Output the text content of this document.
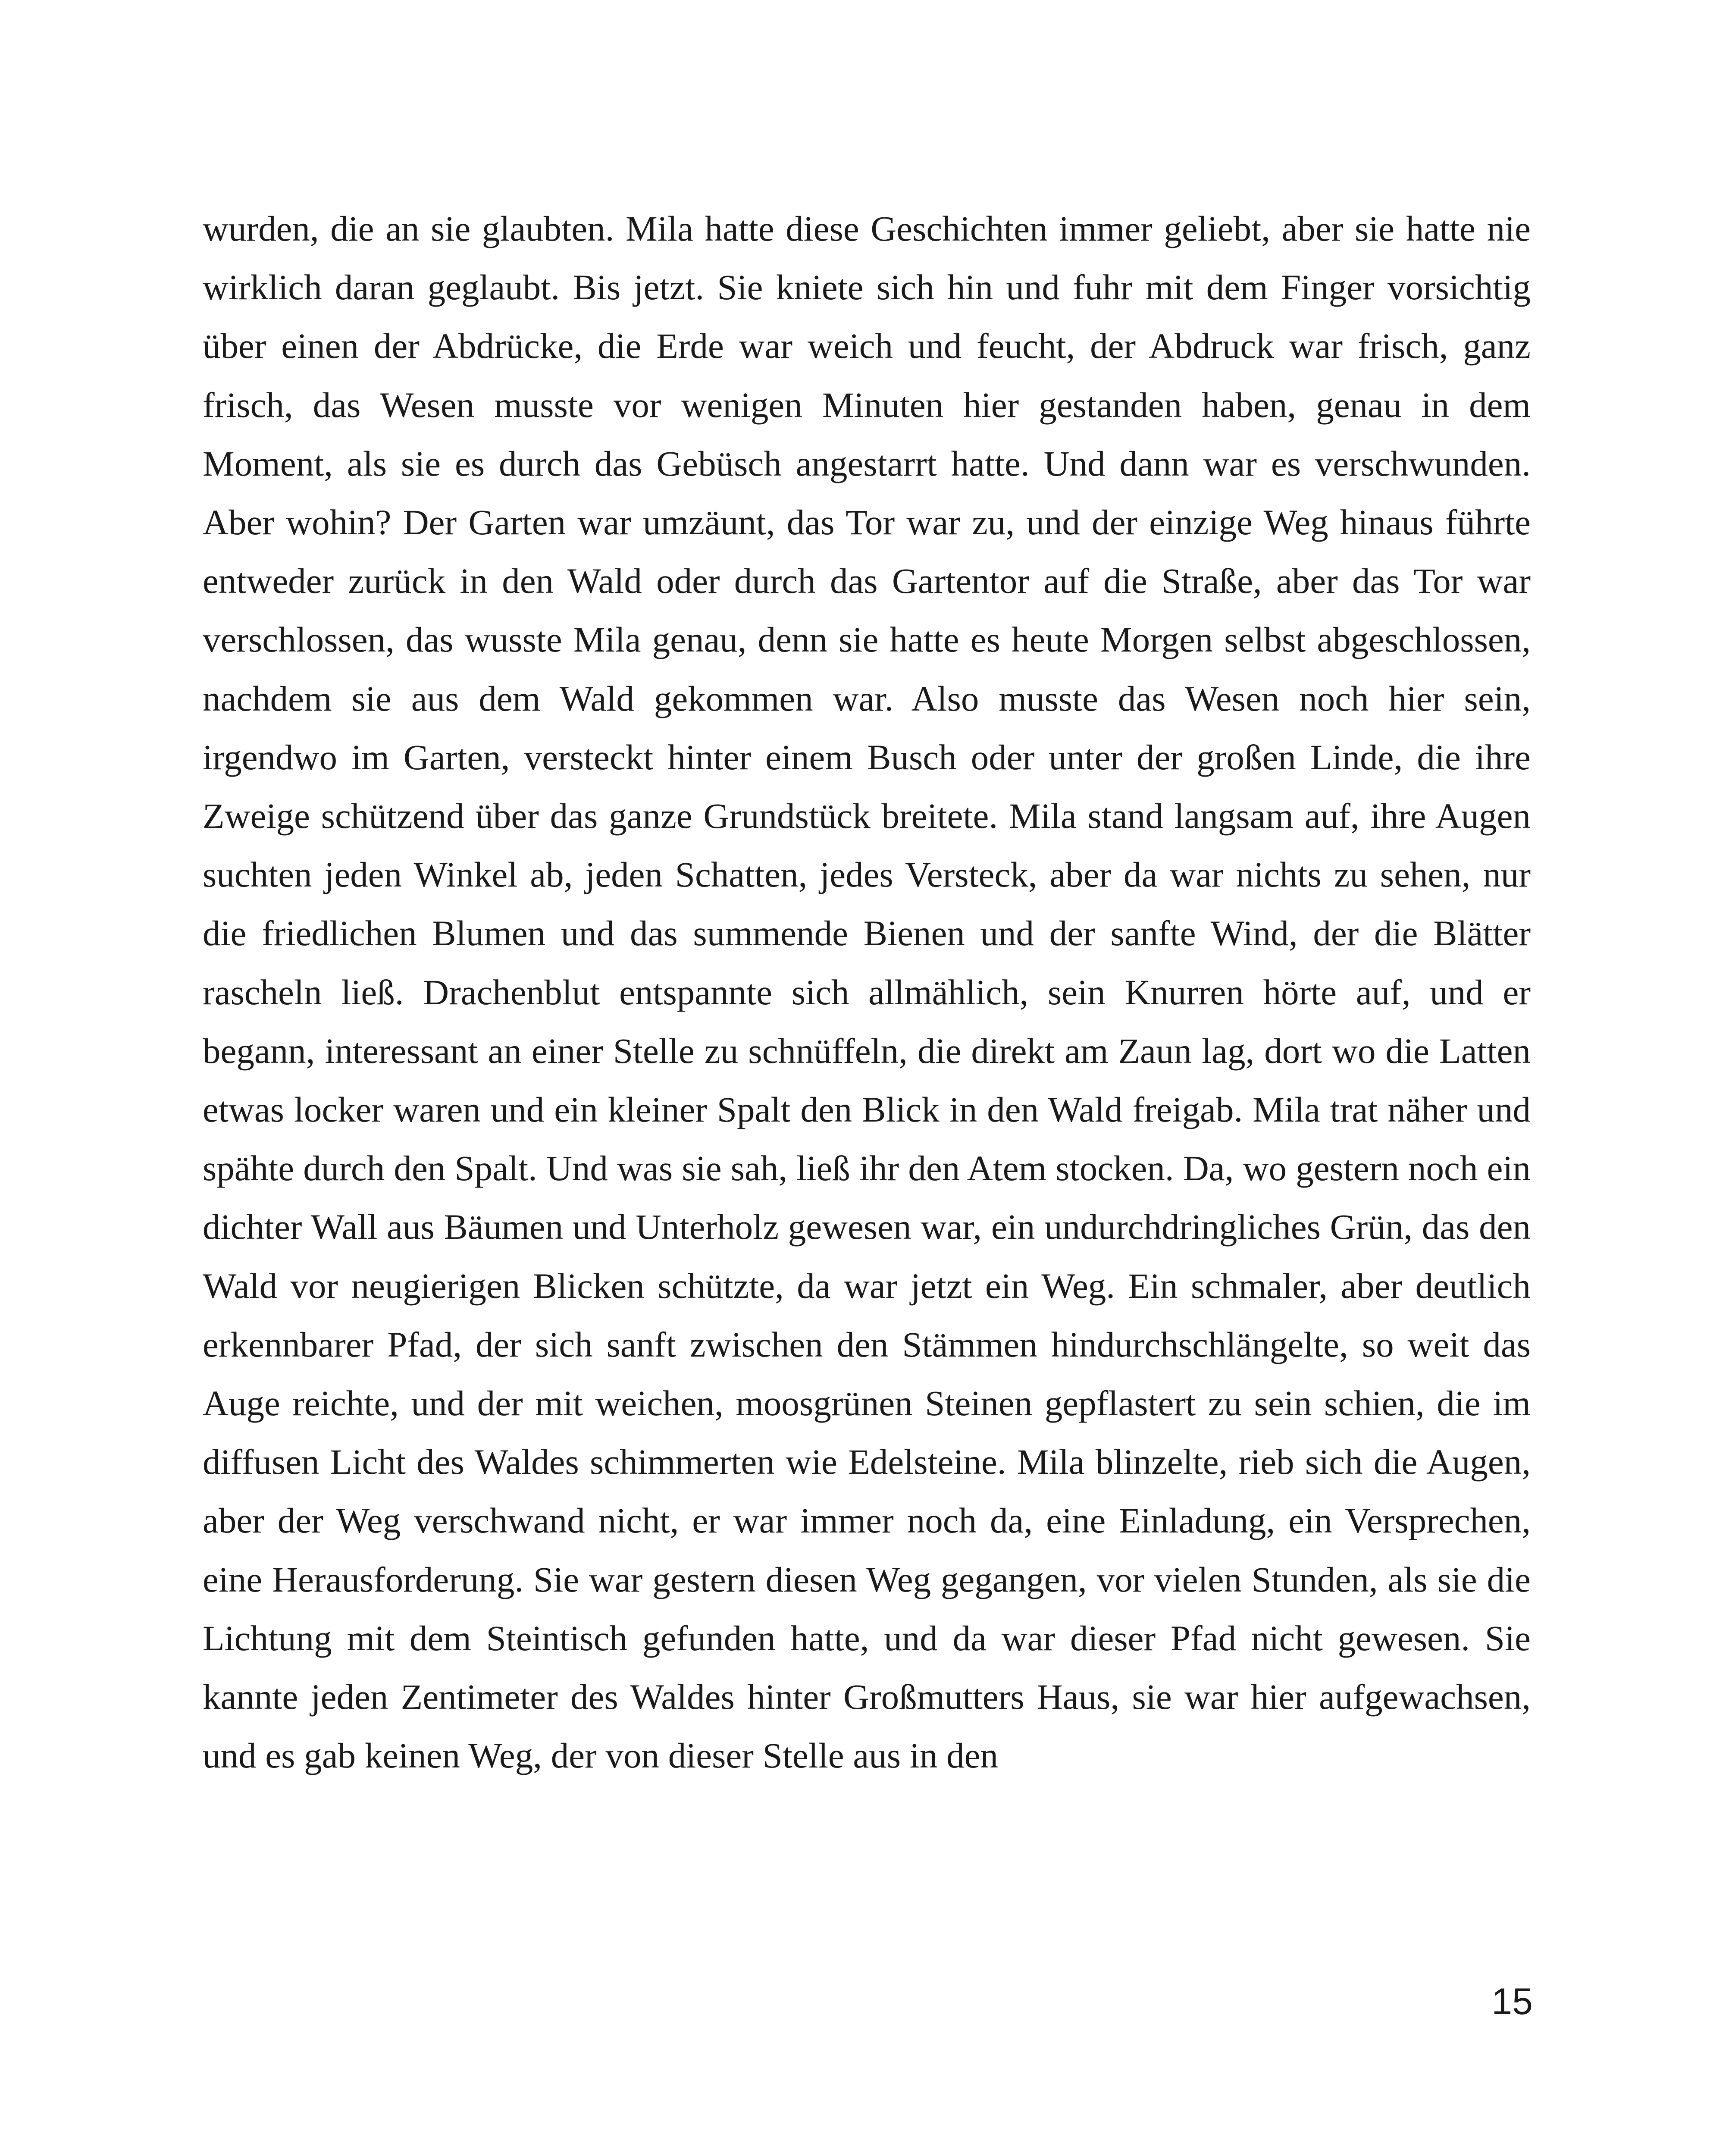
wurden, die an sie glaubten. Mila hatte diese Geschichten immer geliebt, aber sie hatte nie wirklich daran geglaubt. Bis jetzt. Sie kniete sich hin und fuhr mit dem Finger vorsichtig über einen der Abdrücke, die Erde war weich und feucht, der Abdruck war frisch, ganz frisch, das Wesen musste vor wenigen Minuten hier gestanden haben, genau in dem Moment, als sie es durch das Gebüsch angestarrt hatte. Und dann war es verschwunden. Aber wohin? Der Garten war umzäunt, das Tor war zu, und der einzige Weg hinaus führte entweder zurück in den Wald oder durch das Gartentor auf die Straße, aber das Tor war verschlossen, das wusste Mila genau, denn sie hatte es heute Morgen selbst abgeschlossen, nachdem sie aus dem Wald gekommen war. Also musste das Wesen noch hier sein, irgendwo im Garten, versteckt hinter einem Busch oder unter der großen Linde, die ihre Zweige schützend über das ganze Grundstück breitete. Mila stand langsam auf, ihre Augen suchten jeden Winkel ab, jeden Schatten, jedes Versteck, aber da war nichts zu sehen, nur die friedlichen Blumen und das summende Bienen und der sanfte Wind, der die Blätter rascheln ließ. Drachenblut entspannte sich allmählich, sein Knurren hörte auf, und er begann, interessant an einer Stelle zu schnüffeln, die direkt am Zaun lag, dort wo die Latten etwas locker waren und ein kleiner Spalt den Blick in den Wald freigab. Mila trat näher und spähte durch den Spalt. Und was sie sah, ließ ihr den Atem stocken. Da, wo gestern noch ein dichter Wall aus Bäumen und Unterholz gewesen war, ein undurchdringliches Grün, das den Wald vor neugierigen Blicken schützte, da war jetzt ein Weg. Ein schmaler, aber deutlich erkennbarer Pfad, der sich sanft zwischen den Stämmen hindurchschlängelte, so weit das Auge reichte, und der mit weichen, moosgrünen Steinen gepflastert zu sein schien, die im diffusen Licht des Waldes schimmerten wie Edelsteine. Mila blinzelte, rieb sich die Augen, aber der Weg verschwand nicht, er war immer noch da, eine Einladung, ein Versprechen, eine Herausforderung. Sie war gestern diesen Weg gegangen, vor vielen Stunden, als sie die Lichtung mit dem Steintisch gefunden hatte, und da war dieser Pfad nicht gewesen. Sie kannte jeden Zentimeter des Waldes hinter Großmutters Haus, sie war hier aufgewachsen, und es gab keinen Weg, der von dieser Stelle aus in den

15
